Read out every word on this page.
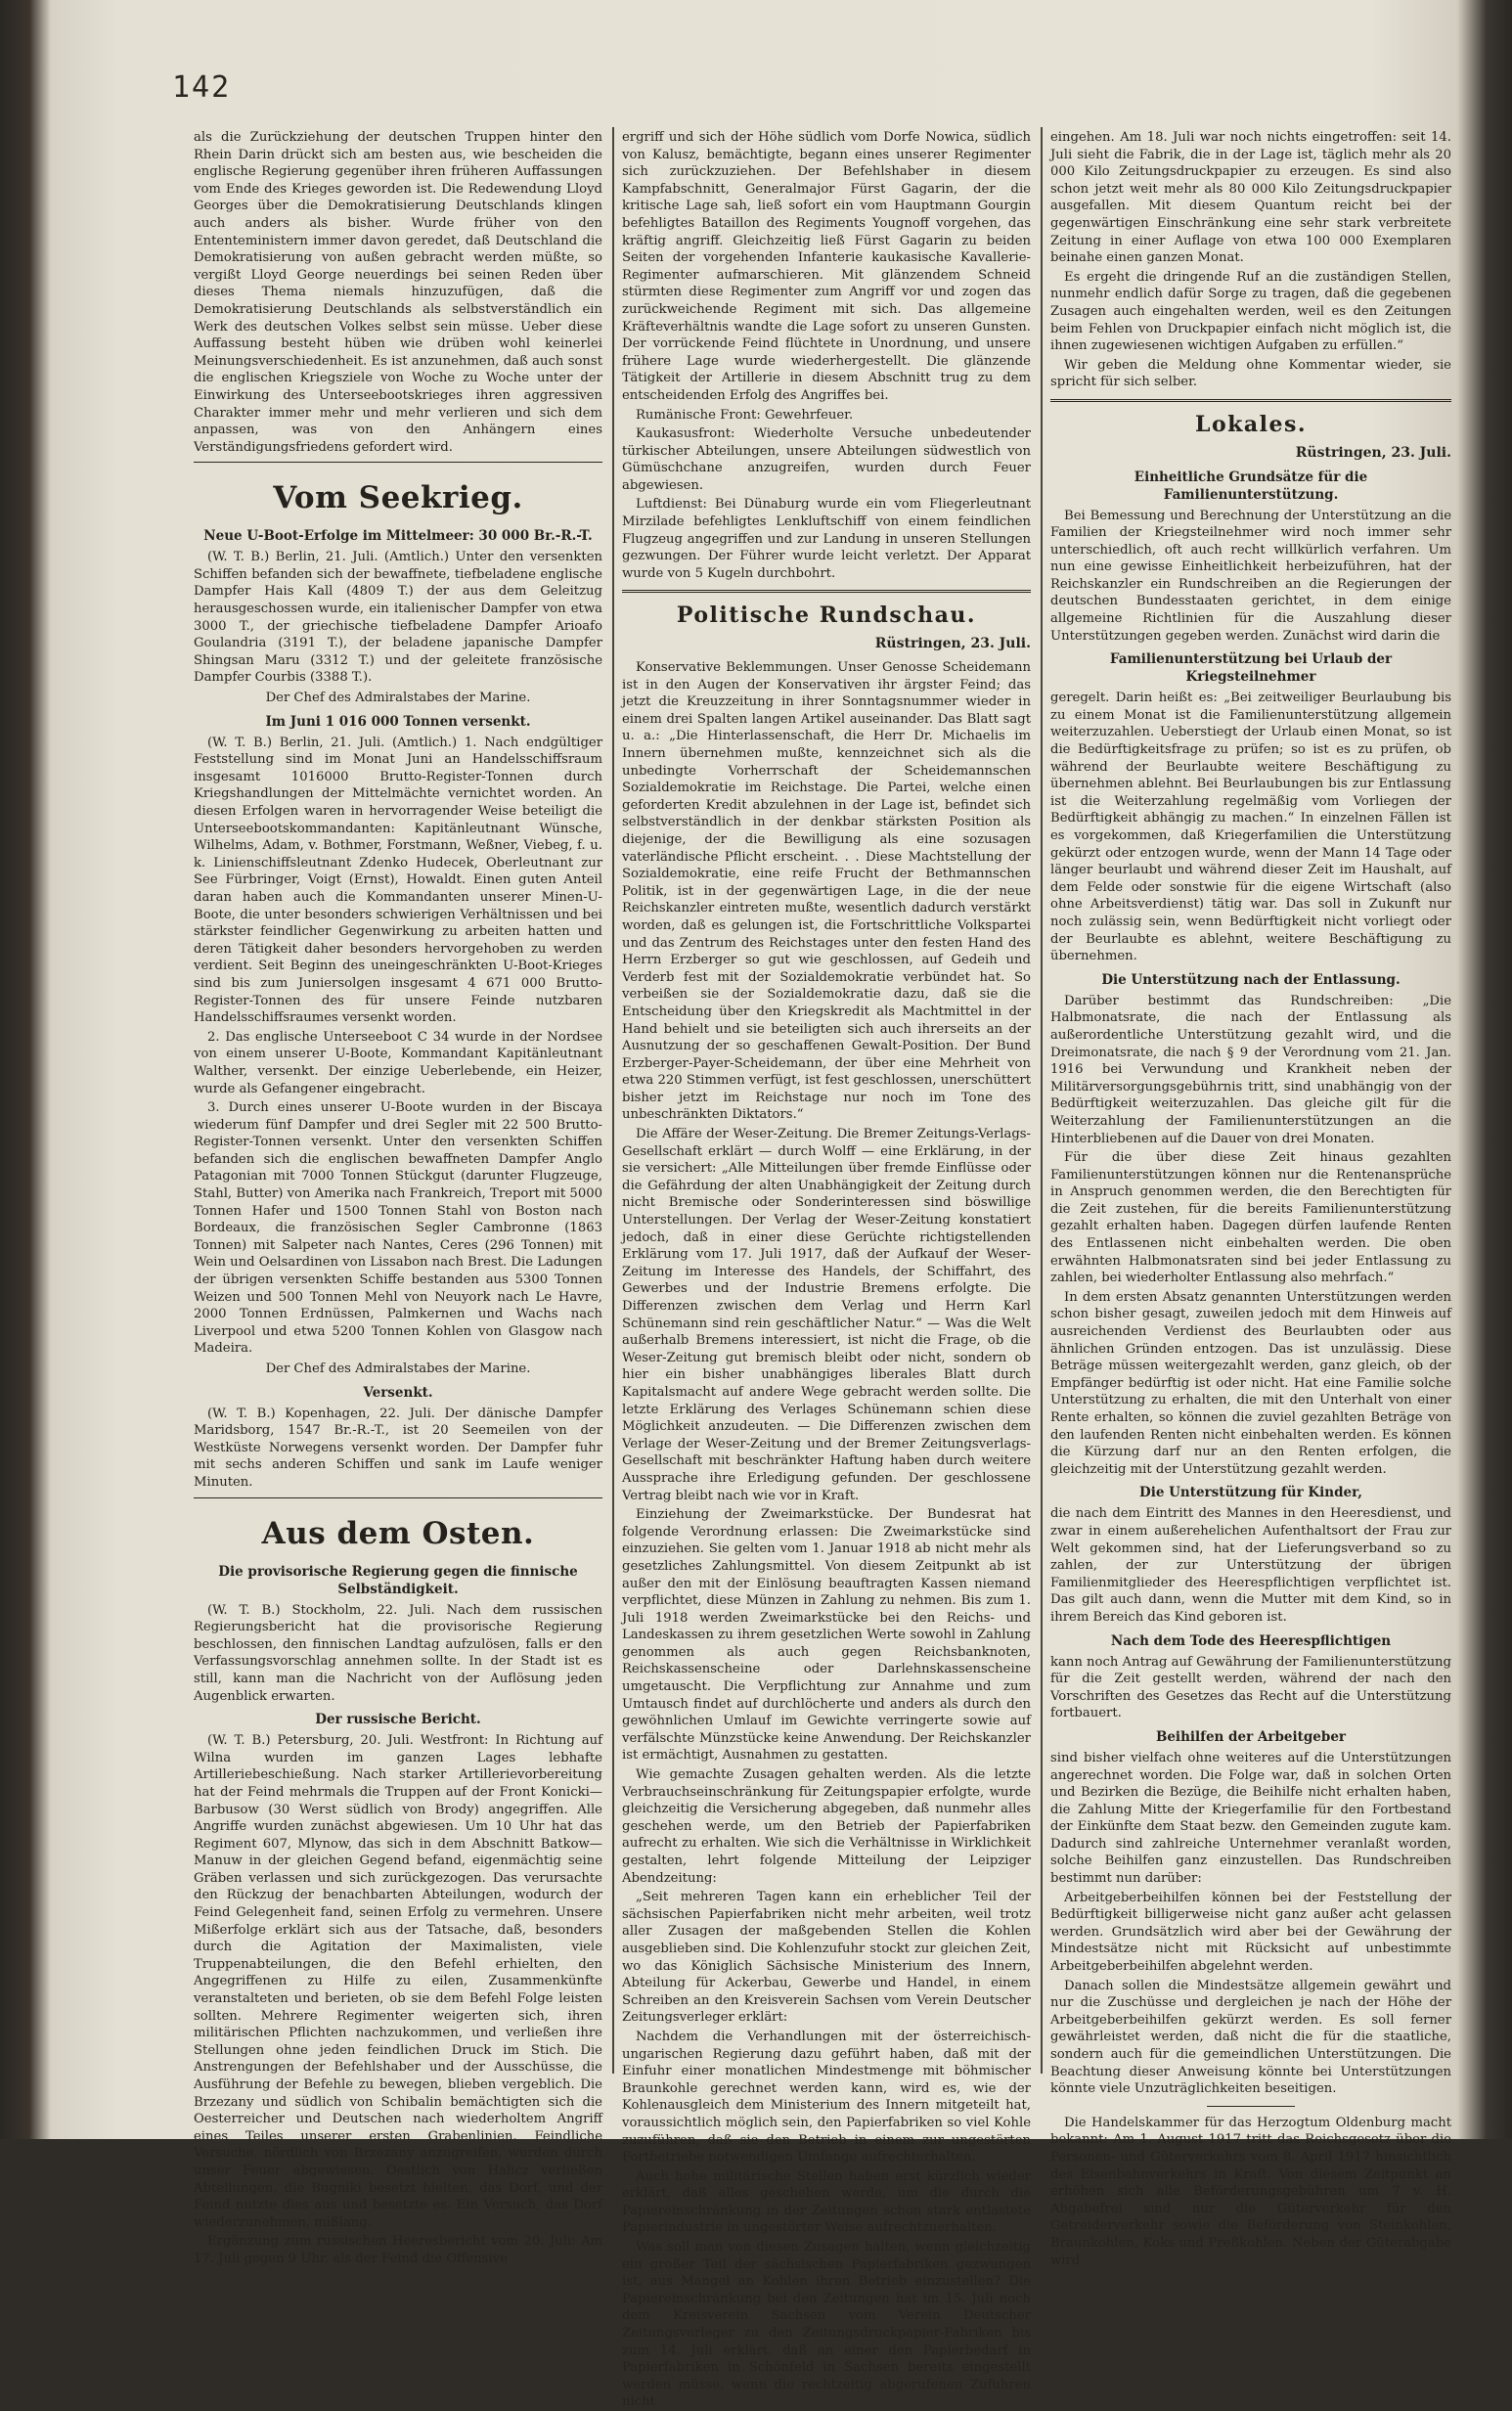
142

als die Zurückziehung der deutschen Truppen hinter den Rhein Darin drückt sich am besten aus, wie bescheiden die englische Regierung gegenüber ihren früheren Auffassungen vom Ende des Krieges geworden ist. Die Redewendung Lloyd Georges über die Demokratisierung Deutschlands klingen auch anders als bisher. Wurde früher von den Ententeministern immer davon geredet, daß Deutschland die Demokratisierung von außen gebracht werden müßte, so vergißt Lloyd George neuerdings bei seinen Reden über dieses Thema niemals hinzuzufügen, daß die Demokratisierung Deutschlands als selbstverständlich ein Werk des deutschen Volkes selbst sein müsse. Ueber diese Auffassung besteht hüben wie drüben wohl keinerlei Meinungsverschiedenheit. Es ist anzunehmen, daß auch sonst die englischen Kriegsziele von Woche zu Woche unter der Einwirkung des Unterseebootskrieges ihren aggressiven Charakter immer mehr und mehr verlieren und sich dem anpassen, was von den Anhängern eines Verständigungsfriedens gefordert wird.

Vom Seekrieg.
Neue U-Boot-Erfolge im Mittelmeer: 30 000 Br.-R.-T.

(W. T. B.) Berlin, 21. Juli. (Amtlich.) Unter den versenkten Schiffen befanden sich der bewaffnete, tiefbeladene englische Dampfer Hais Kall (4809 T.) der aus dem Geleitzug herausgeschossen wurde, ein italienischer Dampfer von etwa 3000 T., der griechische tiefbeladene Dampfer Arioafo Goulandria (3191 T.), der beladene japanische Dampfer Shingsan Maru (3312 T.) und der geleitete französische Dampfer Courbis (3388 T.).

Der Chef des Admiralstabes der Marine.

Im Juni 1 016 000 Tonnen versenkt.

(W. T. B.) Berlin, 21. Juli. (Amtlich.) 1. Nach endgültiger Feststellung sind im Monat Juni an Handelsschiffsraum insgesamt 1016000 Brutto-Register-Tonnen durch Kriegshandlungen der Mittelmächte vernichtet worden. An diesen Erfolgen waren in hervorragender Weise beteiligt die Unterseebootskommandanten: Kapitänleutnant Wünsche, Wilhelms, Adam, v. Bothmer, Forstmann, Weßner, Viebeg, f. u. k. Linienschiffsleutnant Zdenko Hudecek, Oberleutnant zur See Fürbringer, Voigt (Ernst), Howaldt. Einen guten Anteil daran haben auch die Kommandanten unserer Minen-U-Boote, die unter besonders schwierigen Verhältnissen und bei stärkster feindlicher Gegenwirkung zu arbeiten hatten und deren Tätigkeit daher besonders hervorgehoben zu werden verdient. Seit Beginn des uneingeschränkten U-Boot-Krieges sind bis zum Juniersolgen insgesamt 4 671 000 Brutto-Register-Tonnen des für unsere Feinde nutzbaren Handelsschiffsraumes versenkt worden.

2. Das englische Unterseeboot C 34 wurde in der Nordsee von einem unserer U-Boote, Kommandant Kapitänleutnant Walther, versenkt. Der einzige Ueberlebende, ein Heizer, wurde als Gefangener eingebracht.

3. Durch eines unserer U-Boote wurden in der Biscaya wiederum fünf Dampfer und drei Segler mit 22 500 Brutto-Register-Tonnen versenkt. Unter den versenkten Schiffen befanden sich die englischen bewaffneten Dampfer Anglo Patagonian mit 7000 Tonnen Stückgut (darunter Flugzeuge, Stahl, Butter) von Amerika nach Frankreich, Treport mit 5000 Tonnen Hafer und 1500 Tonnen Stahl von Boston nach Bordeaux, die französischen Segler Cambronne (1863 Tonnen) mit Salpeter nach Nantes, Ceres (296 Tonnen) mit Wein und Oelsardinen von Lissabon nach Brest. Die Ladungen der übrigen versenkten Schiffe bestanden aus 5300 Tonnen Weizen und 500 Tonnen Mehl von Neuyork nach Le Havre, 2000 Tonnen Erdnüssen, Palmkernen und Wachs nach Liverpool und etwa 5200 Tonnen Kohlen von Glasgow nach Madeira.

Der Chef des Admiralstabes der Marine.

Versenkt.

(W. T. B.) Kopenhagen, 22. Juli. Der dänische Dampfer Maridsborg, 1547 Br.-R.-T., ist 20 Seemeilen von der Westküste Norwegens versenkt worden. Der Dampfer fuhr mit sechs anderen Schiffen und sank im Laufe weniger Minuten.

Aus dem Osten.
Die provisorische Regierung gegen die finnische Selbständigkeit.

(W. T. B.) Stockholm, 22. Juli. Nach dem russischen Regierungsbericht hat die provisorische Regierung beschlossen, den finnischen Landtag aufzulösen, falls er den Verfassungsvorschlag annehmen sollte. In der Stadt ist es still, kann man die Nachricht von der Auflösung jeden Augenblick erwarten.

Der russische Bericht.

(W. T. B.) Petersburg, 20. Juli. Westfront: In Richtung auf Wilna wurden im ganzen Lages lebhafte Artilleriebeschießung. Nach starker Artillerievorbereitung hat der Feind mehrmals die Truppen auf der Front Konicki—Barbusow (30 Werst südlich von Brody) angegriffen. Alle Angriffe wurden zunächst abgewiesen. Um 10 Uhr hat das Regiment 607, Mlynow, das sich in dem Abschnitt Batkow—Manuw in der gleichen Gegend befand, eigenmächtig seine Gräben verlassen und sich zurückgezogen. Das verursachte den Rückzug der benachbarten Abteilungen, wodurch der Feind Gelegenheit fand, seinen Erfolg zu vermehren. Unsere Mißerfolge erklärt sich aus der Tatsache, daß, besonders durch die Agitation der Maximalisten, viele Truppenabteilungen, die den Befehl erhielten, den Angegriffenen zu Hilfe zu eilen, Zusammenkünfte veranstalteten und berieten, ob sie dem Befehl Folge leisten sollten. Mehrere Regimenter weigerten sich, ihren militärischen Pflichten nachzukommen, und verließen ihre Stellungen ohne jeden feindlichen Druck im Stich. Die Anstrengungen der Befehlshaber und der Ausschüsse, die Ausführung der Befehle zu bewegen, blieben vergeblich. Die Brzezany und südlich von Schibalin bemächtigten sich die Oesterreicher und Deutschen nach wiederholtem Angriff eines Teiles unserer ersten Grabenlinien. Feindliche Versuche, nördlich von Brzezany anzugreifen, wurden durch unser Feuer abgewiesen. Oestlich von Halicz verließen Abteilungen, die Bugniki besetzt hielten, das Dorf, und der Feind nutzte dies aus und besetzte es. Ein Versuch, das Dorf wiederzunehmen, mißlang.

Ergänzung zum russischen Heeresbericht vom 20. Juli: Am 17. Juli gegen 9 Uhr, als der Feind die Offensive

ergriff und sich der Höhe südlich vom Dorfe Nowica, südlich von Kalusz, bemächtigte, begann eines unserer Regimenter sich zurückzuziehen. Der Befehlshaber in diesem Kampfabschnitt, Generalmajor Fürst Gagarin, der die kritische Lage sah, ließ sofort ein vom Hauptmann Gourgin befehligtes Bataillon des Regiments Yougnoff vorgehen, das kräftig angriff. Gleichzeitig ließ Fürst Gagarin zu beiden Seiten der vorgehenden Infanterie kaukasische Kavallerie-Regimenter aufmarschieren. Mit glänzendem Schneid stürmten diese Regimenter zum Angriff vor und zogen das zurückweichende Regiment mit sich. Das allgemeine Kräfteverhältnis wandte die Lage sofort zu unseren Gunsten. Der vorrückende Feind flüchtete in Unordnung, und unsere frühere Lage wurde wiederhergestellt. Die glänzende Tätigkeit der Artillerie in diesem Abschnitt trug zu dem entscheidenden Erfolg des Angriffes bei.

Rumänische Front: Gewehrfeuer.

Kaukasusfront: Wiederholte Versuche unbedeutender türkischer Abteilungen, unsere Abteilungen südwestlich von Gümüschchane anzugreifen, wurden durch Feuer abgewiesen.

Luftdienst: Bei Dünaburg wurde ein vom Fliegerleutnant Mirzilade befehligtes Lenkluftschiff von einem feindlichen Flugzeug angegriffen und zur Landung in unseren Stellungen gezwungen. Der Führer wurde leicht verletzt. Der Apparat wurde von 5 Kugeln durchbohrt.

Politische Rundschau.
Rüstringen, 23. Juli.

Konservative Beklemmungen. Unser Genosse Scheidemann ist in den Augen der Konservativen ihr ärgster Feind; das jetzt die Kreuzzeitung in ihrer Sonntagsnummer wieder in einem drei Spalten langen Artikel auseinander. Das Blatt sagt u. a.: „Die Hinterlassenschaft, die Herr Dr. Michaelis im Innern übernehmen mußte, kennzeichnet sich als die unbedingte Vorherrschaft der Scheidemannschen Sozialdemokratie im Reichstage. Die Partei, welche einen geforderten Kredit abzulehnen in der Lage ist, befindet sich selbstverständlich in der denkbar stärksten Position als diejenige, der die Bewilligung als eine sozusagen vaterländische Pflicht erscheint. . . Diese Machtstellung der Sozialdemokratie, eine reife Frucht der Bethmannschen Politik, ist in der gegenwärtigen Lage, in die der neue Reichskanzler eintreten mußte, wesentlich dadurch verstärkt worden, daß es gelungen ist, die Fortschrittliche Volkspartei und das Zentrum des Reichstages unter den festen Hand des Herrn Erzberger so gut wie geschlossen, auf Gedeih und Verderb fest mit der Sozialdemokratie verbündet hat. So verbeißen sie der Sozialdemokratie dazu, daß sie die Entscheidung über den Kriegskredit als Machtmittel in der Hand behielt und sie beteiligten sich auch ihrerseits an der Ausnutzung der so geschaffenen Gewalt-Position. Der Bund Erzberger-Payer-Scheidemann, der über eine Mehrheit von etwa 220 Stimmen verfügt, ist fest geschlossen, unerschüttert bisher jetzt im Reichstage nur noch im Tone des unbeschränkten Diktators.“

Die Affäre der Weser-Zeitung. Die Bremer Zeitungs-Verlags-Gesellschaft erklärt — durch Wolff — eine Erklärung, in der sie versichert: „Alle Mitteilungen über fremde Einflüsse oder die Gefährdung der alten Unabhängigkeit der Zeitung durch nicht Bremische oder Sonderinteressen sind böswillige Unterstellungen. Der Verlag der Weser-Zeitung konstatiert jedoch, daß in einer diese Gerüchte richtigstellenden Erklärung vom 17. Juli 1917, daß der Aufkauf der Weser-Zeitung im Interesse des Handels, der Schiffahrt, des Gewerbes und der Industrie Bremens erfolgte. Die Differenzen zwischen dem Verlag und Herrn Karl Schünemann sind rein geschäftlicher Natur.“ — Was die Welt außerhalb Bremens interessiert, ist nicht die Frage, ob die Weser-Zeitung gut bremisch bleibt oder nicht, sondern ob hier ein bisher unabhängiges liberales Blatt durch Kapitalsmacht auf andere Wege gebracht werden sollte. Die letzte Erklärung des Verlages Schünemann schien diese Möglichkeit anzudeuten. — Die Differenzen zwischen dem Verlage der Weser-Zeitung und der Bremer Zeitungsverlags-Gesellschaft mit beschränkter Haftung haben durch weitere Aussprache ihre Erledigung gefunden. Der geschlossene Vertrag bleibt nach wie vor in Kraft.

Einziehung der Zweimarkstücke. Der Bundesrat hat folgende Verordnung erlassen: Die Zweimarkstücke sind einzuziehen. Sie gelten vom 1. Januar 1918 ab nicht mehr als gesetzliches Zahlungsmittel. Von diesem Zeitpunkt ab ist außer den mit der Einlösung beauftragten Kassen niemand verpflichtet, diese Münzen in Zahlung zu nehmen. Bis zum 1. Juli 1918 werden Zweimarkstücke bei den Reichs- und Landeskassen zu ihrem gesetzlichen Werte sowohl in Zahlung genommen als auch gegen Reichsbanknoten, Reichskassenscheine oder Darlehnskassenscheine umgetauscht. Die Verpflichtung zur Annahme und zum Umtausch findet auf durchlöcherte und anders als durch den gewöhnlichen Umlauf im Gewichte verringerte sowie auf verfälschte Münzstücke keine Anwendung. Der Reichskanzler ist ermächtigt, Ausnahmen zu gestatten.

Wie gemachte Zusagen gehalten werden. Als die letzte Verbrauchseinschränkung für Zeitungspapier erfolgte, wurde gleichzeitig die Versicherung abgegeben, daß nunmehr alles geschehen werde, um den Betrieb der Papierfabriken aufrecht zu erhalten. Wie sich die Verhältnisse in Wirklichkeit gestalten, lehrt folgende Mitteilung der Leipziger Abendzeitung:

„Seit mehreren Tagen kann ein erheblicher Teil der sächsischen Papierfabriken nicht mehr arbeiten, weil trotz aller Zusagen der maßgebenden Stellen die Kohlen ausgeblieben sind. Die Kohlenzufuhr stockt zur gleichen Zeit, wo das Königlich Sächsische Ministerium des Innern, Abteilung für Ackerbau, Gewerbe und Handel, in einem Schreiben an den Kreisverein Sachsen vom Verein Deutscher Zeitungsverleger erklärt:

Nachdem die Verhandlungen mit der österreichisch-ungarischen Regierung dazu geführt haben, daß mit der Einfuhr einer monatlichen Mindestmenge mit böhmischer Braunkohle gerechnet werden kann, wird es, wie der Kohlenausgleich dem Ministerium des Innern mitgeteilt hat, voraussichtlich möglich sein, den Papierfabriken so viel Kohle zuzuführen, daß sie den Betrieb in einem zur ungestörten Fortbetriebe notwendigen Umfange aufrechterhalten.

Auch hohe militärische Stellen haben erst kürzlich wieder erklärt, daß alles geschehen werde, um die durch die Papiereinschränkung in der Zeitungen schon stark entlastete Papierindustrie in ungestörter Weise aufrechtzuerhalten.

Was soll man von diesen Zusagen halten, wenn gleichzeitig ein großer Teil der sächsischen Papierfabriken gezwungen ist, aus Mangel an Kohlen ihren Betrieb einzustellen? Die Papiereinschränkung bei den Zeitungen hat im 15. Juli noch dem Kreisverein Sachsen vom Verein Deutscher Zeitungsverleger zu den Zeitungsdruckpapier-Fabriken bis zum 14. Juli erklärt, daß an einer den Papierbedarf in Papierfabriken in Schönfeld in Sachsen bereits eingestellt werden müsse, wenn die rechtzeitig abgerufenen Zufuhren nicht

eingehen. Am 18. Juli war noch nichts eingetroffen: seit 14. Juli sieht die Fabrik, die in der Lage ist, täglich mehr als 20 000 Kilo Zeitungsdruckpapier zu erzeugen. Es sind also schon jetzt weit mehr als 80 000 Kilo Zeitungsdruckpapier ausgefallen. Mit diesem Quantum reicht bei der gegenwärtigen Einschränkung eine sehr stark verbreitete Zeitung in einer Auflage von etwa 100 000 Exemplaren beinahe einen ganzen Monat.

Es ergeht die dringende Ruf an die zuständigen Stellen, nunmehr endlich dafür Sorge zu tragen, daß die gegebenen Zusagen auch eingehalten werden, weil es den Zeitungen beim Fehlen von Druckpapier einfach nicht möglich ist, die ihnen zugewiesenen wichtigen Aufgaben zu erfüllen.“

Wir geben die Meldung ohne Kommentar wieder, sie spricht für sich selber.

Lokales.
Rüstringen, 23. Juli.
Einheitliche Grundsätze für die Familienunterstützung.

Bei Bemessung und Berechnung der Unterstützung an die Familien der Kriegsteilnehmer wird noch immer sehr unterschiedlich, oft auch recht willkürlich verfahren. Um nun eine gewisse Einheitlichkeit herbeizuführen, hat der Reichskanzler ein Rundschreiben an die Regierungen der deutschen Bundesstaaten gerichtet, in dem einige allgemeine Richtlinien für die Auszahlung dieser Unterstützungen gegeben werden. Zunächst wird darin die

Familienunterstützung bei Urlaub der Kriegsteilnehmer

geregelt. Darin heißt es: „Bei zeitweiliger Beurlaubung bis zu einem Monat ist die Familienunterstützung allgemein weiterzuzahlen. Ueberstiegt der Urlaub einen Monat, so ist die Bedürftigkeitsfrage zu prüfen; so ist es zu prüfen, ob während der Beurlaubte weitere Beschäftigung zu übernehmen ablehnt. Bei Beurlaubungen bis zur Entlassung ist die Weiterzahlung regelmäßig vom Vorliegen der Bedürftigkeit abhängig zu machen.“ In einzelnen Fällen ist es vorgekommen, daß Kriegerfamilien die Unterstützung gekürzt oder entzogen wurde, wenn der Mann 14 Tage oder länger beurlaubt und während dieser Zeit im Haushalt, auf dem Felde oder sonstwie für die eigene Wirtschaft (also ohne Arbeitsverdienst) tätig war. Das soll in Zukunft nur noch zulässig sein, wenn Bedürftigkeit nicht vorliegt oder der Beurlaubte es ablehnt, weitere Beschäftigung zu übernehmen.

Die Unterstützung nach der Entlassung.

Darüber bestimmt das Rundschreiben: „Die Halbmonatsrate, die nach der Entlassung als außerordentliche Unterstützung gezahlt wird, und die Dreimonatsrate, die nach § 9 der Verordnung vom 21. Jan. 1916 bei Verwundung und Krankheit neben der Militärversorgungsgebührnis tritt, sind unabhängig von der Bedürftigkeit weiterzuzahlen. Das gleiche gilt für die Weiterzahlung der Familienunterstützungen an die Hinterbliebenen auf die Dauer von drei Monaten.

Für die über diese Zeit hinaus gezahlten Familienunterstützungen können nur die Rentenansprüche in Anspruch genommen werden, die den Berechtigten für die Zeit zustehen, für die bereits Familienunterstützung gezahlt erhalten haben. Dagegen dürfen laufende Renten des Entlassenen nicht einbehalten werden. Die oben erwähnten Halbmonatsraten sind bei jeder Entlassung zu zahlen, bei wiederholter Entlassung also mehrfach.“

In dem ersten Absatz genannten Unterstützungen werden schon bisher gesagt, zuweilen jedoch mit dem Hinweis auf ausreichenden Verdienst des Beurlaubten oder aus ähnlichen Gründen entzogen. Das ist unzulässig. Diese Beträge müssen weitergezahlt werden, ganz gleich, ob der Empfänger bedürftig ist oder nicht. Hat eine Familie solche Unterstützung zu erhalten, die mit den Unterhalt von einer Rente erhalten, so können die zuviel gezahlten Beträge von den laufenden Renten nicht einbehalten werden. Es können die Kürzung darf nur an den Renten erfolgen, die gleichzeitig mit der Unterstützung gezahlt werden.

Die Unterstützung für Kinder,

die nach dem Eintritt des Mannes in den Heeresdienst, und zwar in einem außerehelichen Aufenthaltsort der Frau zur Welt gekommen sind, hat der Lieferungsverband so zu zahlen, der zur Unterstützung der übrigen Familienmitglieder des Heerespflichtigen verpflichtet ist. Das gilt auch dann, wenn die Mutter mit dem Kind, so in ihrem Bereich das Kind geboren ist.

Nach dem Tode des Heerespflichtigen

kann noch Antrag auf Gewährung der Familienunterstützung für die Zeit gestellt werden, während der nach den Vorschriften des Gesetzes das Recht auf die Unterstützung fortbauert.

Beihilfen der Arbeitgeber

sind bisher vielfach ohne weiteres auf die Unterstützungen angerechnet worden. Die Folge war, daß in solchen Orten und Bezirken die Bezüge, die Beihilfe nicht erhalten haben, die Zahlung Mitte der Kriegerfamilie für den Fortbestand der Einkünfte dem Staat bezw. den Gemeinden zugute kam. Dadurch sind zahlreiche Unternehmer veranlaßt worden, solche Beihilfen ganz einzustellen. Das Rundschreiben bestimmt nun darüber:

Arbeitgeberbeihilfen können bei der Feststellung der Bedürftigkeit billigerweise nicht ganz außer acht gelassen werden. Grundsätzlich wird aber bei der Gewährung der Mindestsätze nicht mit Rücksicht auf unbestimmte Arbeitgeberbeihilfen abgelehnt werden.

Danach sollen die Mindestsätze allgemein gewährt und nur die Zuschüsse und dergleichen je nach der Höhe der Arbeitgeberbeihilfen gekürzt werden. Es soll ferner gewährleistet werden, daß nicht die für die staatliche, sondern auch für die gemeindlichen Unterstützungen. Die Beachtung dieser Anweisung könnte bei Unterstützungen könnte viele Unzuträglichkeiten beseitigen.

Die Handelskammer für das Herzogtum Oldenburg macht bekannt: Am 1. August 1917 tritt das Reichsgesetz über die Personen- und Güterverkehrs vom 8. April 1917 hinsichtlich des Eisenbahnverkehrs in Kraft. Von diesem Zeitpunkt an erhöhen sich alle Beförderungsgebühren um 7 v. H. Abgabefrei sind nur die Güterverkehr für den Getreiderverkehr sowie die Beförderung von Steinkohlen, Braunkohlen, Koks und Preßkohlen. Neben der Güterabgabe wird
